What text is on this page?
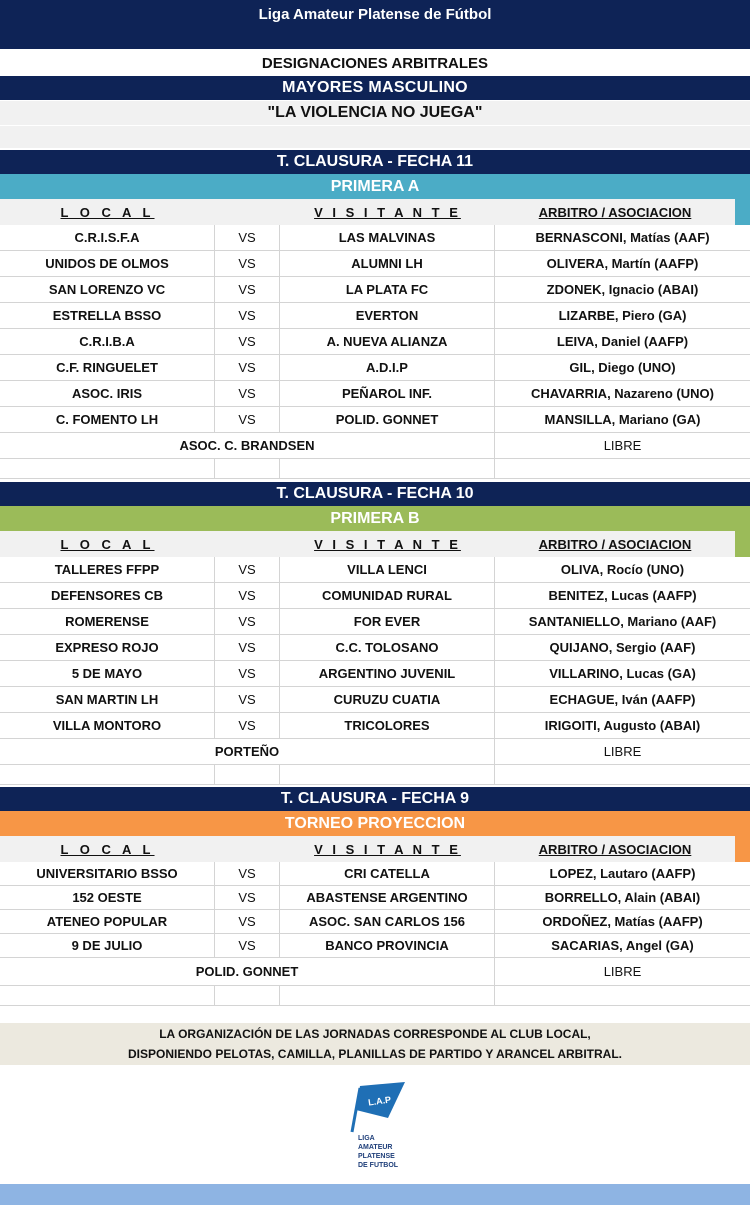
Liga Amateur Platense de Fútbol
DESIGNACIONES ARBITRALES
MAYORES MASCULINO
"LA VIOLENCIA NO JUEGA"
T. CLAUSURA - FECHA 11
PRIMERA A
L O C A L	V I S I T A N T E	ARBITRO / ASOCIACION
C.R.I.S.F.A	VS	LAS MALVINAS	BERNASCONI, Matías (AAF)
UNIDOS DE OLMOS	VS	ALUMNI LH	OLIVERA, Martín (AAFP)
SAN LORENZO VC	VS	LA PLATA FC	ZDONEK, Ignacio (ABAI)
ESTRELLA BSSO	VS	EVERTON	LIZARBE, Piero (GA)
C.R.I.B.A	VS	A. NUEVA ALIANZA	LEIVA, Daniel (AAFP)
C.F. RINGUELET	VS	A.D.I.P	GIL, Diego (UNO)
ASOC. IRIS	VS	PEÑAROL INF.	CHAVARRIA, Nazareno (UNO)
C. FOMENTO LH	VS	POLID. GONNET	MANSILLA, Mariano (GA)
ASOC. C. BRANDSEN	LIBRE
T. CLAUSURA - FECHA 10
PRIMERA B
L O C A L	V I S I T A N T E	ARBITRO / ASOCIACION
TALLERES FFPP	VS	VILLA LENCI	OLIVA, Rocío (UNO)
DEFENSORES CB	VS	COMUNIDAD RURAL	BENITEZ, Lucas (AAFP)
ROMERENSE	VS	FOR EVER	SANTANIELLO, Mariano (AAF)
EXPRESO ROJO	VS	C.C. TOLOSANO	QUIJANO, Sergio (AAF)
5 DE MAYO	VS	ARGENTINO JUVENIL	VILLARINO, Lucas (GA)
SAN MARTIN LH	VS	CURUZU CUATIA	ECHAGUE, Iván (AAFP)
VILLA MONTORO	VS	TRICOLORES	IRIGOITI, Augusto (ABAI)
PORTEÑO	LIBRE
T. CLAUSURA - FECHA 9
TORNEO PROYECCION
L O C A L	V I S I T A N T E	ARBITRO / ASOCIACION
UNIVERSITARIO BSSO	VS	CRI CATELLA	LOPEZ, Lautaro (AAFP)
152 OESTE	VS	ABASTENSE ARGENTINO	BORRELLO, Alain (ABAI)
ATENEO POPULAR	VS	ASOC. SAN CARLOS 156	ORDOÑEZ, Matías (AAFP)
9 DE JULIO	VS	BANCO PROVINCIA	SACARIAS, Angel (GA)
POLID. GONNET	LIBRE
LA ORGANIZACIÓN DE LAS JORNADAS CORRESPONDE AL CLUB LOCAL,
DISPONIENDO PELOTAS, CAMILLA, PLANILLAS DE PARTIDO Y ARANCEL ARBITRAL.
L.A.P
LIGA
AMATEUR
PLATENSE
DE FUTBOL
